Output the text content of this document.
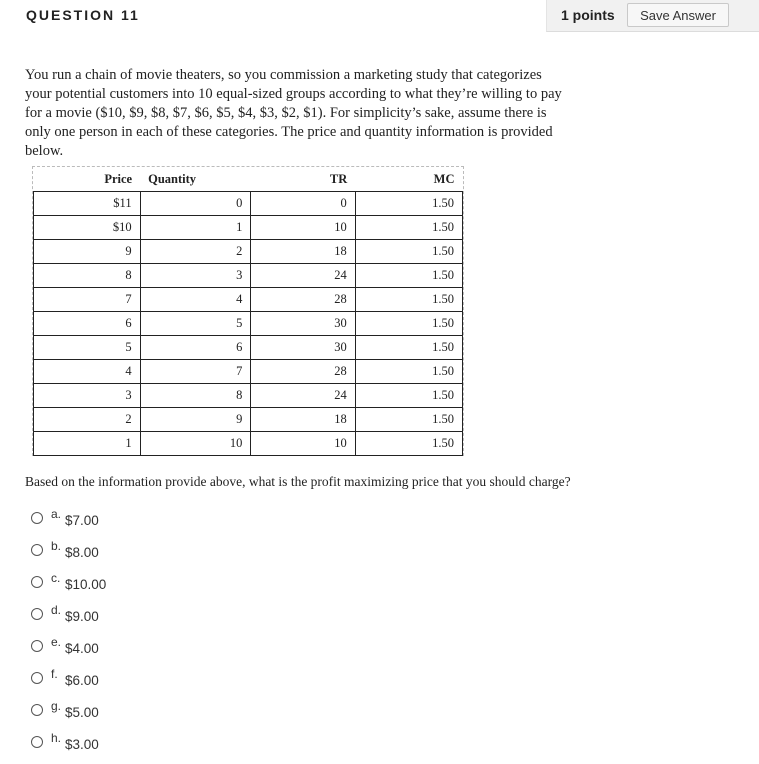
QUESTION 11	1 points	Save Answer
You run a chain of movie theaters, so you commission a marketing study that categorizes your potential customers into 10 equal-sized groups according to what they’re willing to pay for a movie ($10, $9, $8, $7, $6, $5, $4, $3, $2, $1). For simplicity’s sake, assume there is only one person in each of these categories. The price and quantity information is provided below.
Price	Quantity	TR	MC
$11	0	0	1.50
$10	1	10	1.50
9	2	18	1.50
8	3	24	1.50
7	4	28	1.50
6	5	30	1.50
5	6	30	1.50
4	7	28	1.50
3	8	24	1.50
2	9	18	1.50
1	10	10	1.50
Based on the information provide above, what is the profit maximizing price that you should charge?
a. $7.00
b. $8.00
c. $10.00
d. $9.00
e. $4.00
f. $6.00
g. $5.00
h. $3.00
